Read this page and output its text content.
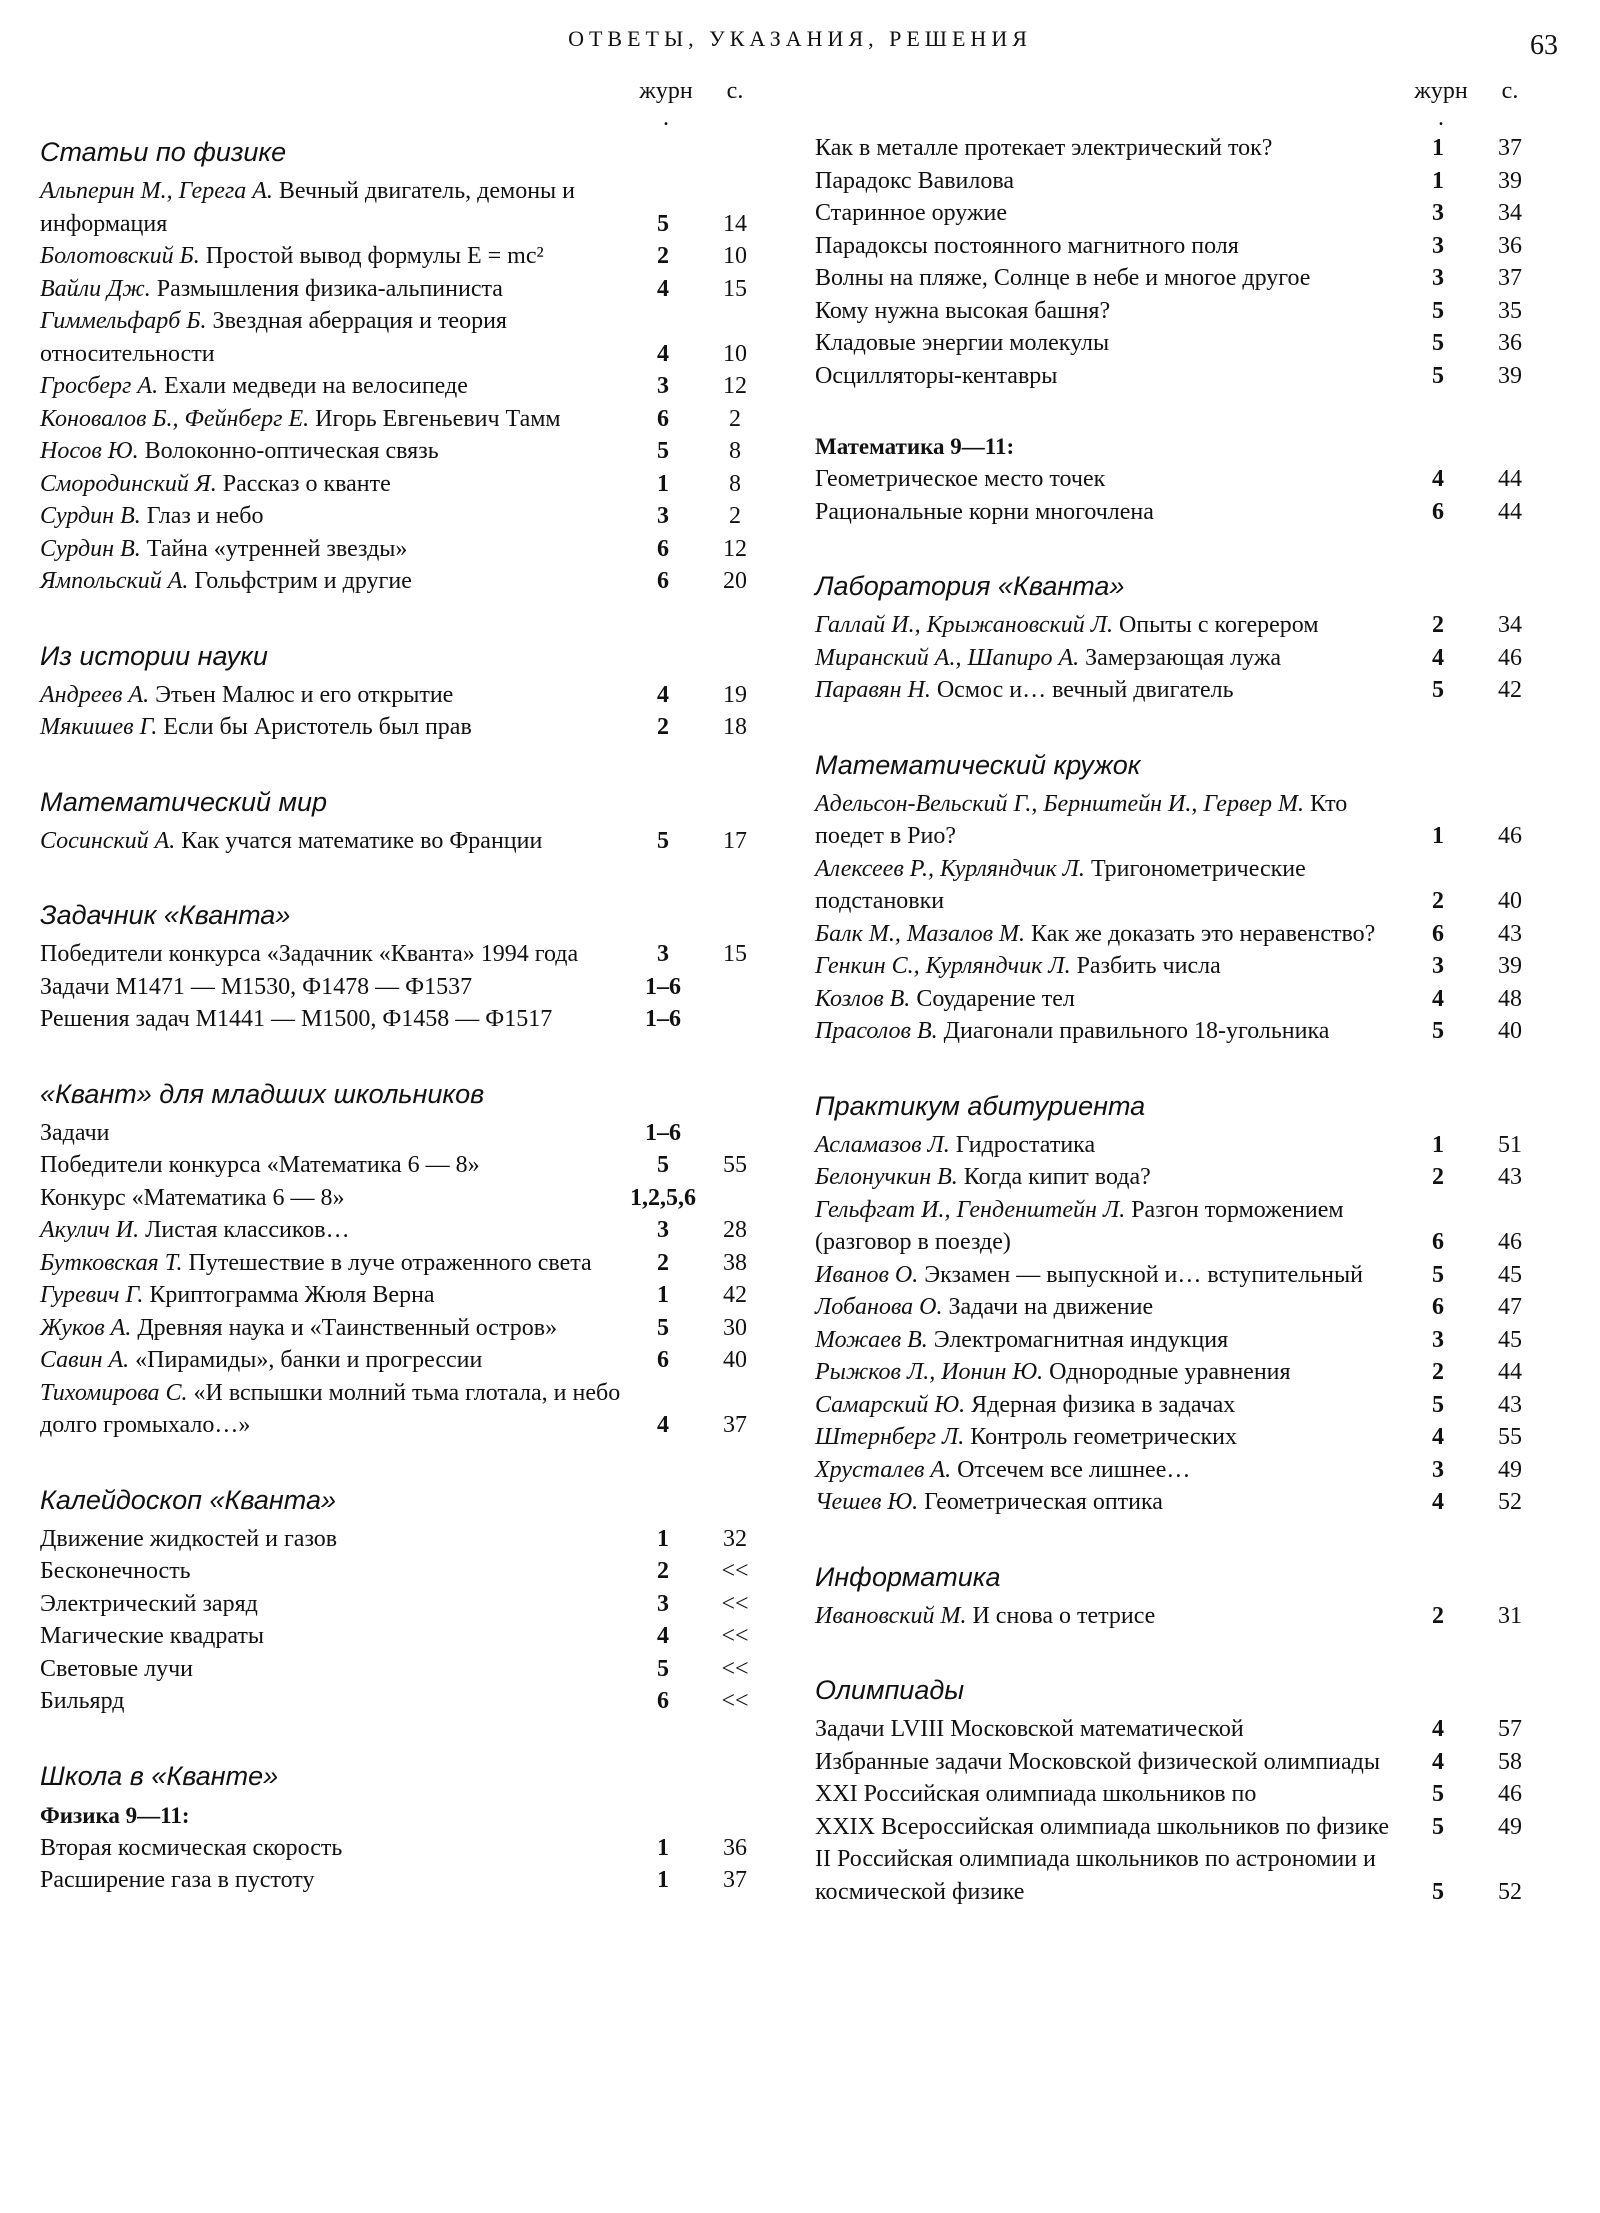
ОТВЕТЫ, УКАЗАНИЯ, РЕШЕНИЯ	63
журн .
с.
Статьи по физике
Альперин М., Герега А. Вечный двигатель, демоны и информация	5	14
Болотовский Б. Простой вывод формулы E = mc²	2	10
Вайли Дж. Размышления физика-альпиниста	4	15
Гиммельфарб Б. Звездная аберрация и теория относительности	4	10
Гросберг А. Ехали медведи на велосипеде	3	12
Коновалов Б., Фейнберг Е. Игорь Евгеньевич Тамм	6	2
Носов Ю. Волоконно-оптическая связь	5	8
Смородинский Я. Рассказ о кванте	1	8
Сурдин В. Глаз и небо	3	2
Сурдин В. Тайна «утренней звезды»	6	12
Ямпольский А. Гольфстрим и другие	6	20
Из истории науки
Андреев А. Этьен Малюс и его открытие	4	19
Мякишев Г. Если бы Аристотель был прав	2	18
Математический мир
Сосинский А. Как учатся математике во Франции	5	17
Задачник «Кванта»
Победители конкурса «Задачник «Кванта» 1994 года	3	15
Задачи М1471 — М1530, Ф1478 — Ф1537	1–6
Решения задач М1441 — М1500, Ф1458 — Ф1517	1–6
«Квант» для младших школьников
Задачи	1–6
Победители конкурса «Математика 6 — 8»	5	55
Конкурс «Математика 6 — 8»	1,2,5,6
Акулич И. Листая классиков…	3	28
Бутковская Т. Путешествие в луче отраженного света	2	38
Гуревич Г. Криптограмма Жюля Верна	1	42
Жуков А. Древняя наука и «Таинственный остров»	5	30
Савин А. «Пирамиды», банки и прогрессии	6	40
Тихомирова С. «И вспышки молний тьма глотала, и небо долго громыхало…»	4	37
Калейдоскоп «Кванта»
Движение жидкостей и газов	1	32
Бесконечность	2	<<
Электрический заряд	3	<<
Магические квадраты	4	<<
Световые лучи	5	<<
Бильярд	6	<<
Школа в «Кванте»
Физика 9—11:
Вторая космическая скорость	1	36
Расширение газа в пустоту	1	37
журн .
с.
Как в металле протекает электрический ток?	1	37
Парадокс Вавилова	1	39
Старинное оружие	3	34
Парадоксы постоянного магнитного поля	3	36
Волны на пляже, Солнце в небе и многое другое	3	37
Кому нужна высокая башня?	5	35
Кладовые энергии молекулы	5	36
Осцилляторы-кентавры	5	39
Математика 9—11:
Геометрическое место точек	4	44
Рациональные корни многочлена	6	44
Лаборатория «Кванта»
Галлай И., Крыжановский Л. Опыты с когерером	2	34
Миранский А., Шапиро А. Замерзающая лужа	4	46
Паравян Н. Осмос и… вечный двигатель	5	42
Математический кружок
Адельсон-Вельский Г., Бернштейн И., Гервер М. Кто поедет в Рио?	1	46
Алексеев Р., Курляндчик Л. Тригонометрические подстановки	2	40
Балк М., Мазалов М. Как же доказать это неравенство?	6	43
Генкин С., Курляндчик Л. Разбить числа	3	39
Козлов В. Соударение тел	4	48
Прасолов В. Диагонали правильного 18-угольника	5	40
Практикум абитуриента
Асламазов Л. Гидростатика	1	51
Белонучкин В. Когда кипит вода?	2	43
Гельфгат И., Генденштейн Л. Разгон торможением (разговор в поезде)	6	46
Иванов О. Экзамен — выпускной и… вступительный	5	45
Лобанова О. Задачи на движение	6	47
Можаев В. Электромагнитная индукция	3	45
Рыжков Л., Ионин Ю. Однородные уравнения	2	44
Самарский Ю. Ядерная физика в задачах	5	43
Штернберг Л. Контроль геометрических	4	55
Хрусталев А. Отсечем все лишнее…	3	49
Чешев Ю. Геометрическая оптика	4	52
Информатика
Ивановский М. И снова о тетрисе	2	31
Олимпиады
Задачи LVIII Московской математической	4	57
Избранные задачи Московской физической олимпиады	4	58
XXI Российская олимпиада школьников по	5	46
XXIX Всероссийская олимпиада школьников по физике	5	49
II Российская олимпиада школьников по астрономии и космической физике	5	52
